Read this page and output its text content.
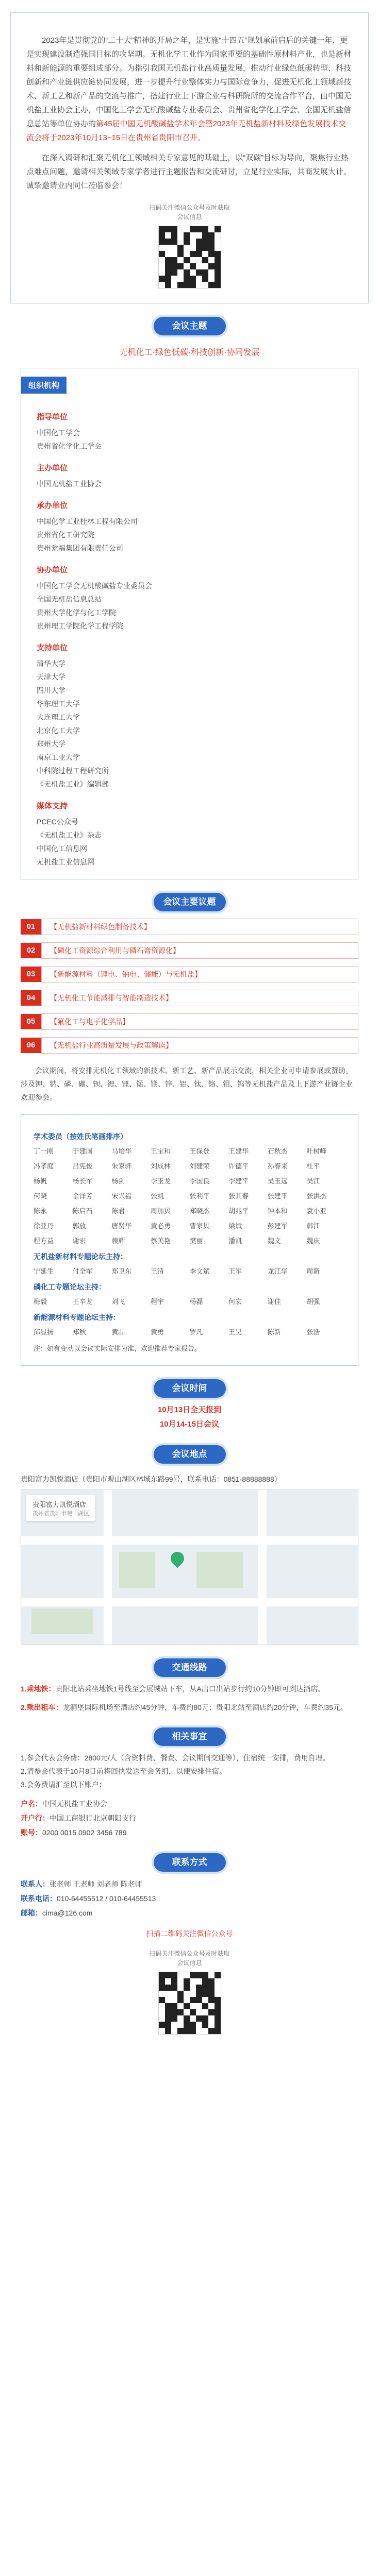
2023年是贯彻党的“二十大”精神的开局之年，是实施“十四五”规划承前启后的关键一年，更是实现建设制造强国目标的攻坚期。无机化学工业作为国家重要的基础性原材料产业，也是新材料和新能源的重要组成部分。为指引我国无机盐行业高质量发展，推动行业绿色低碳转型、科技创新和产业链供应链协同发展，进一步提升行业整体实力与国际竞争力，促进无机化工领域新技术、新工艺和新产品的交流与推广，搭建行业上下游企业与科研院所的交流合作平台，由中国无机盐工业协会主办，中国化工学会无机酸碱盐专业委员会、贵州省化学化工学会、全国无机盐信息总站等单位协办的第45届中国无机酸碱盐学术年会暨2023年无机盐新材料及绿色发展技术交流会将于2023年10月13~15日在贵州省贵阳市召开。

在深入调研和汇聚无机化工领域相关专家意见的基础上，以“双碳”目标为导向，聚焦行业热点难点问题，邀请相关领域专家学者进行主题报告和交流研讨，立足行业实际，共商发展大计。诚挚邀请业内同仁莅临参会！

扫码关注微信公众号及时获取会议信息
会议主题
无机化工·绿色低碳·科技创新·协同发展
组织机构
指导单位
中国化工学会
贵州省化学化工学会
主办单位
中国无机盐工业协会
承办单位
中国化学工业桂林工程有限公司
贵州省化工研究院
贵州瓮福集团有限责任公司
协办单位
中国化工学会无机酸碱盐专业委员会
全国无机盐信息总站
贵州大学化学与化工学院
贵州理工学院化学工程学院
支持单位
清华大学
天津大学
四川大学
华东理工大学
大连理工大学
北京化工大学
郑州大学
南京工业大学
中科院过程工程研究所
《无机盐工业》编辑部
媒体支持
PCEC公众号
《无机盐工业》杂志
中国化工信息网
无机盐工业信息网
会议主要议题
01	【无机盐新材料绿色制备技术】
02	【磷化工资源综合利用与磷石膏资源化】
03	【新能源材料（锂电、钠电、储能）与无机盐】
04	【无机化工节能减排与智能制造技术】
05	【氟化工与电子化学品】
06	【无机盐行业高质量发展与政策解读】
会议期间，将安排无机化工领域的新技术、新工艺、新产品展示交流，相关企业可申请参展或赞助。涉及钾、钠、磷、硼、钡、锶、锂、锰、镁、锌、铝、钛、铬、钼、钨等无机盐产品及上下游产业链企业欢迎参会。
学术委员（按姓氏笔画排序）
丁一刚	于建国	马培华	王宝和	王保登	王建华	石秋杰	叶树峰
冯孝庭	吕宪俊	朱家骅	刘成林	刘建荣	许德平	孙春来	杜平
杨帆	杨长军	杨剑	李玉龙	李国良	李建平	吴玉远	吴江
何晓	余泽芳	宋兴福	张凯	张利平	张其春	张建平	张洪杰
陈永	陈启石	陈君	周加贝	郑晓杰	胡兆平	钟本和	袁小亚
徐亚丹	郭放	唐贤华	黄必勇	曹家贝	梁斌	彭建军	韩江
程方益	谢宏	赖辉	蔡美艳	樊丽	潘凯	魏文	魏庆
无机盐新材料专题论坛主持：
宁延生	付全军	郑卫东	王清	李文斌	王军	龙江华	周新
磷化工专题论坛主持：
梅毅	王辛龙	刘飞	程宇	杨磊	何宏	谢佳	胡强
新能源材料专题论坛主持：
邱显扬	郑秋	黄晶	黄勇	罗凡	王昊	陈新	张浩
注：如有变动以会议实际安排为准，欢迎推荐专家报告。
会议时间
10月13日全天报到
10月14-15日会议
会议地点
贵阳富力凯悦酒店（贵阳市观山湖区林城东路99号，联系电话：0851-88888888）
贵阳富力凯悦酒店
贵州省贵阳市观山湖区
交通线路
1.乘地铁：贵阳北站乘坐地铁1号线至会展城站下车，从A出口出站步行约10分钟即可到达酒店。
2.乘出租车：龙洞堡国际机场至酒店约45分钟，车费约80元；贵阳北站至酒店约20分钟，车费约35元。
相关事宜
1.参会代表会务费：2800元/人（含资料费、餐费、会议期间交通等），住宿统一安排，费用自理。
2.请参会代表于10月8日前将回执发送至会务组，以便安排住宿。
3.会务费请汇至以下账户：
户名：中国无机盐工业协会
开户行：中国工商银行北京朝阳支行
账号：0200 0015 0902 3456 789
联系方式
联系人：张老师 王老师 刘老师 陈老师
联系电话：010-64455512 / 010-64455513
邮箱：cima@126.com
扫描二维码关注微信公众号
扫码关注微信公众号及时获取会议信息
